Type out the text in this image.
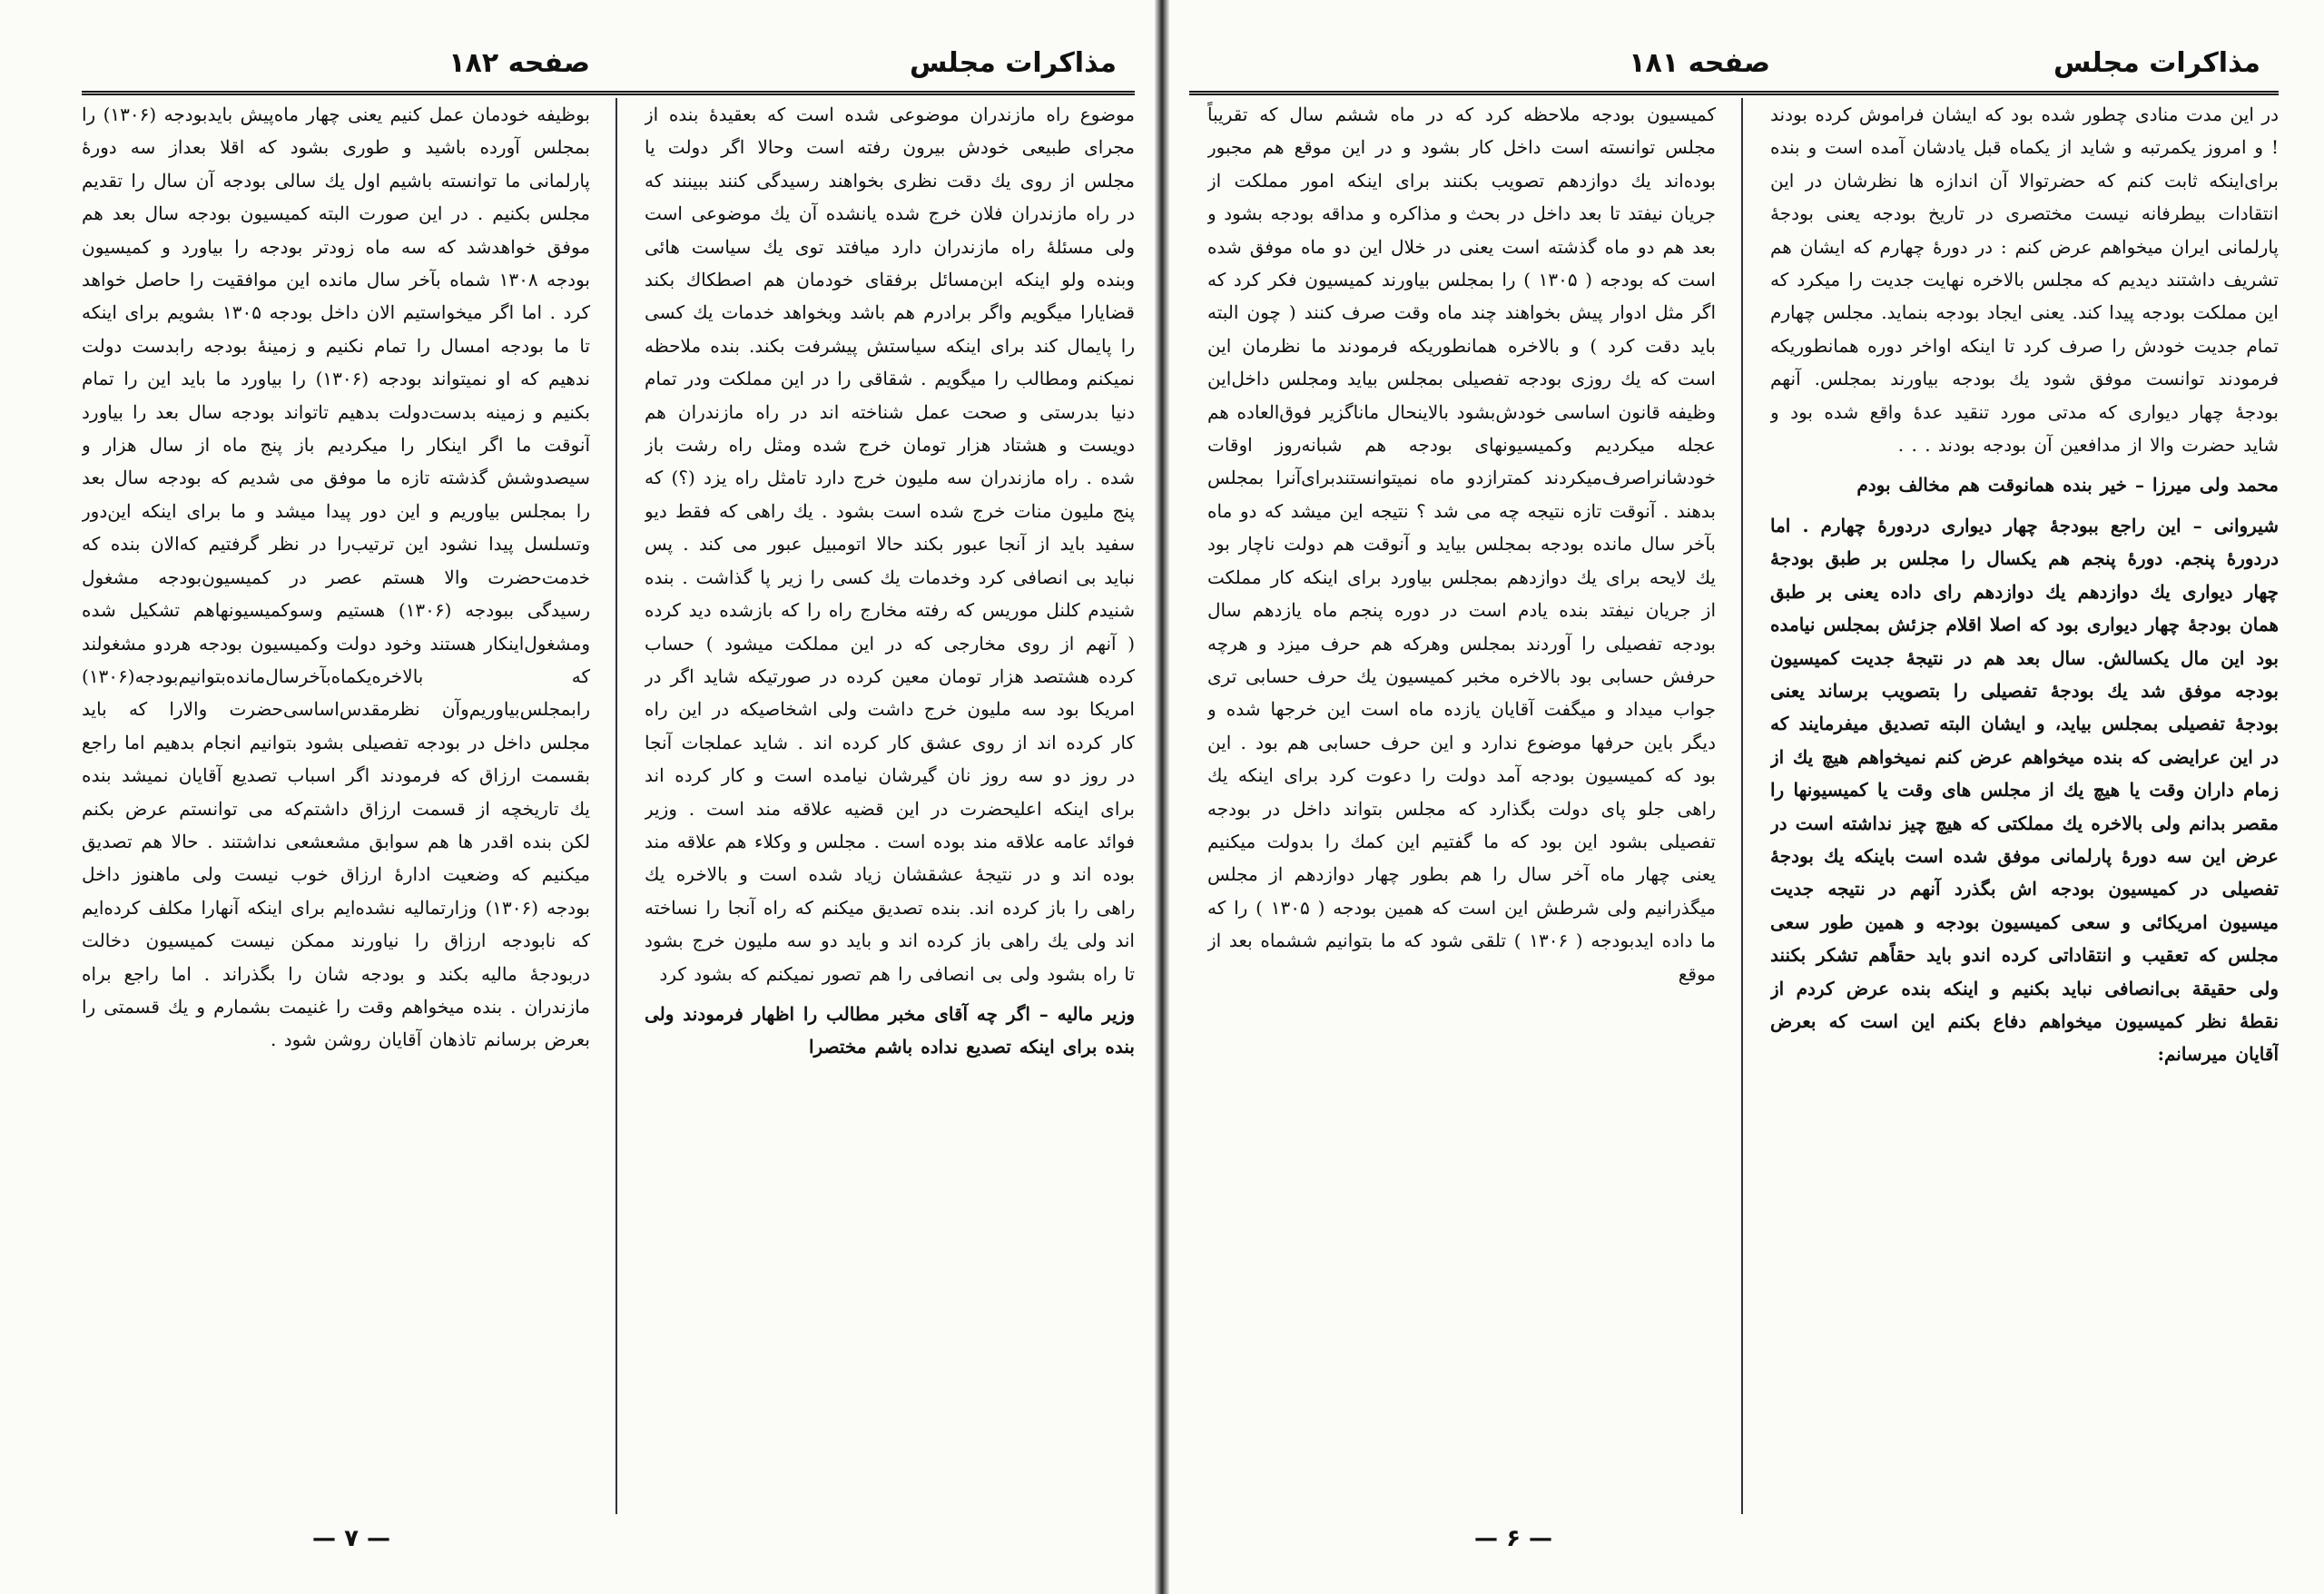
مذاکرات مجلس
صفحه ۱۸۲

موضوع راه مازندران موضوعی شده است که بعقیدهٔ بنده از مجرای طبیعی خودش بیرون رفته است وحالا اگر دولت یا مجلس از روی یك دقت نظری بخواهند رسیدگی کنند ببینند که در راه مازندران فلان خرج شده یانشده آن یك موضوعی است ولی مسئلهٔ راه مازندران دارد میافتد توی یك سیاست هائی وبنده ولو اینکه ابن‌مسائل برفقای خودمان هم اصطکاك بکند قضایارا میگویم واگر برادرم هم باشد وبخواهد خدمات یك کسی را پایمال کند برای اینکه سیاستش پیشرفت بکند. بنده ملاحظه نمیکنم ومطالب را میگویم . شقاقی را در این مملکت ودر تمام دنیا بدرستی و صحت عمل شناخته اند در راه مازندران هم دویست و هشتاد هزار تومان خرج شده ومثل راه رشت باز شده . راه مازندران سه ملیون خرج دارد تامثل راه یزد (؟) که پنج ملیون منات خرج شده است بشود . یك راهی که فقط دیو سفید باید از آنجا عبور بکند حالا اتومبیل عبور می کند . پس نباید بی انصافی کرد وخدمات یك کسی را زیر پا گذاشت . بنده شنیدم کلنل موریس که رفته مخارج راه را که بازشده دید کرده ( آنهم از روی مخارجی که در این مملکت میشود ) حساب کرده هشتصد هزار تومان معین کرده در صورتیکه شاید اگر در امریکا بود سه ملیون خرج داشت ولی اشخاصیکه در این راه کار کرده اند از روی عشق کار کرده اند . شاید عملجات آنجا در روز دو سه روز نان گیرشان نیامده است و کار کرده اند برای اینکه اعلیحضرت در این قضیه علاقه مند است . وزیر فوائد عامه علاقه مند بوده است . مجلس و وکلاء هم علاقه مند بوده اند و در نتیجهٔ عشقشان زیاد شده است و بالاخره یك راهی را باز کرده اند. بنده تصدیق میکنم که راه آنجا را نساخته اند ولی یك راهی باز کرده اند و باید دو سه ملیون خرج بشود تا راه بشود ولی بی انصافی را هم تصور نمیکنم که بشود کرد

وزیر مالیه – اگر چه آقای مخبر مطالب را اظهار فرمودند ولی بنده برای اینکه تصدیع نداده باشم مختصرا

بوظیفه خودمان عمل کنیم یعنی چهار ماه‌پیش بایدبودجه (۱۳۰۶) را بمجلس آورده باشید و طوری بشود که اقلا بعداز سه دورهٔ پارلمانی ما توانسته باشیم اول یك سالی بودجه آن سال را تقدیم مجلس بکنیم . در این صورت البته کمیسیون بودجه سال بعد هم موفق خواهدشد که سه ماه زودتر بودجه را بیاورد و کمیسیون بودجه ۱۳۰۸ شماه بآخر سال مانده این موافقیت را حاصل خواهد کرد . اما اگر میخواستیم الان داخل بودجه ۱۳۰۵ بشویم برای اینکه تا ما بودجه امسال را تمام نکنیم و زمینهٔ بودجه رابدست دولت ندهیم که او نمیتواند بودجه (۱۳۰۶) را بیاورد ما باید این را تمام بکنیم و زمینه بدست‌دولت بدهیم تاتواند بودجه سال بعد را بیاورد آنوقت ما اگر اینکار را میکردیم باز پنج ماه از سال هزار و سیصدوشش گذشته تازه ما موفق می شدیم که بودجه سال بعد را بمجلس بیاوریم و این دور پیدا میشد و ما برای اینکه این‌دور وتسلسل پیدا نشود این ترتیب‌را در نظر گرفتیم که‌الان بنده که خدمت‌حضرت والا هستم عصر در کمیسیون‌بودجه مشغول رسیدگی ببودجه (۱۳۰۶) هستیم وسوکمیسیونهاهم تشکیل شده ومشغول‌اینکار هستند وخود دولت وکمیسیون بودجه هردو مشغولند که بالاخره‌یکماه‌بآخرسال‌مانده‌بتوانیم‌بودجه(۱۳۰۶) رابمجلس‌بیاوریم‌وآن نظرمقدس‌اساسی‌حضرت والارا که باید مجلس داخل در بودجه تفصیلی بشود بتوانیم انجام بدهیم اما راجع بقسمت ارزاق که فرمودند اگر اسباب تصدیع آقایان نمیشد بنده یك تاریخچه از قسمت ارزاق داشتم‌که می توانستم عرض بکنم لکن بنده اقدر ها هم سوابق مشعشعی نداشتند . حالا هم تصدیق میکنیم که وضعیت ادارهٔ ارزاق خوب نیست ولی ماهنوز داخل بودجه (۱۳۰۶) وزارتمالیه نشده‌ایم برای اینکه آنهارا مکلف کرده‌ایم که نابودجه ارزاق را نیاورند ممکن نیست کمیسیون دخالت دربودجهٔ مالیه بکند و بودجه شان را بگذراند . اما راجع براه مازندران . بنده میخواهم وقت را غنیمت بشمارم و یك قسمتی را بعرض برسانم تاذهان آقایان روشن شود .

— ۷ —
مذاکرات مجلس
صفحه ۱۸۱

در این مدت منادی چطور شده بود که ایشان فراموش کرده بودند ! و امروز یکمرتبه و شاید از یکماه قبل یادشان آمده است و بنده برای‌اینکه ثابت کنم که حضرتوالا آن اندازه ها نظرشان در این انتقادات بیطرفانه نیست مختصری در تاریخ بودجه یعنی بودجهٔ پارلمانی ایران میخواهم عرض کنم : در دورهٔ چهارم که ایشان هم تشریف داشتند دیدیم که مجلس بالاخره نهایت جدیت را میکرد که این مملکت بودجه پیدا کند. یعنی ایجاد بودجه بنماید. مجلس چهارم تمام جدیت خودش را صرف کرد تا اینکه اواخر دوره همانطوریکه فرمودند توانست موفق شود یك بودجه بیاورند بمجلس. آنهم بودجهٔ چهار دیواری که مدتی مورد تنقید عدهٔ واقع شده بود و شاید حضرت والا از مدافعین آن بودجه بودند . . .

محمد ولی میرزا – خیر بنده همانوقت هم مخالف بودم

شیروانی – این راجع ببودجهٔ چهار دیواری دردورهٔ چهارم . اما دردورهٔ پنجم. دورهٔ پنجم هم یکسال را مجلس بر طبق بودجهٔ چهار دیواری یك دوازدهم یك دوازدهم رای داده یعنی بر طبق همان بودجهٔ چهار دیواری بود که اصلا اقلام جزئش بمجلس نیامده بود این مال یکسالش. سال بعد هم در نتیجهٔ جدیت کمیسیون بودجه موفق شد یك بودجهٔ تفصیلی را بتصویب برساند یعنی بودجهٔ تفصیلی بمجلس بیاید، و ایشان البته تصدیق میفرمایند که در این عرایضی که بنده میخواهم عرض کنم نمیخواهم هیچ یك از زمام داران وقت یا هیچ یك از مجلس های وقت یا کمیسیونها را مقصر بدانم ولی بالاخره یك مملکتی که هیچ چیز نداشته است در عرض این سه دورهٔ پارلمانی موفق شده است باینکه یك بودجهٔ تفصیلی در کمیسیون بودجه اش بگذرد آنهم در نتیجه جدیت میسیون امریکائی و سعی کمیسیون بودجه و همین طور سعی مجلس که تعقیب و انتقاداتی کرده اندو باید حقاًهم تشکر بکنند ولی حقیقة بی‌انصافی نباید بکنیم و اینکه بنده عرض کردم از نقطهٔ نظر کمیسیون میخواهم دفاع بکنم این است که بعرض آقایان میرسانم:

کمیسیون بودجه ملاحظه کرد که در ماه ششم سال که تقریباً مجلس توانسته است داخل کار بشود و در این موقع هم مجبور بوده‌اند یك دوازدهم تصویب بکنند برای اینکه امور مملکت از جریان نیفتد تا بعد داخل در بحث و مذاکره و مداقه بودجه بشود و بعد هم دو ماه گذشته است یعنی در خلال این دو ماه موفق شده است که بودجه ( ۱۳۰۵ ) را بمجلس بیاورند کمیسیون فکر کرد که اگر مثل ادوار پیش بخواهند چند ماه وقت صرف کنند ( چون البته باید دقت کرد ) و بالاخره همانطوریکه فرمودند ما نظرمان این است که یك روزی بودجه تفصیلی بمجلس بیاید ومجلس داخل‌این وظیفه قانون اساسی خودش‌بشود بالاینحال ماناگزیر فوق‌العاده هم عجله میکردیم وکمیسیونهای بودجه هم شبانه‌روز اوقات خودشانراصرف‌میکردند کمترازدو ماه نمیتوانستندبرای‌آنرا بمجلس بدهند . آنوقت تازه نتیجه چه می شد ؟ نتیجه این میشد که دو ماه بآخر سال مانده بودجه بمجلس بیاید و آنوقت هم دولت ناچار بود یك لایحه برای یك دوازدهم بمجلس بیاورد برای اینکه کار مملکت از جریان نیفتد بنده یادم است در دوره پنجم ماه یازدهم سال بودجه تفصیلی را آوردند بمجلس وهرکه هم حرف میزد و هرچه حرفش حسابی بود بالاخره مخبر کمیسیون یك حرف حسابی تری جواب میداد و میگفت آقایان یازده ماه است این خرجها شده و دیگر باین حرفها موضوع ندارد و این حرف حسابی هم بود . این بود که کمیسیون بودجه آمد دولت را دعوت کرد برای اینکه یك راهی جلو پای دولت بگذارد که مجلس بتواند داخل در بودجه تفصیلی بشود این بود که ما گفتیم این کمك را بدولت میکنیم یعنی چهار ماه آخر سال را هم بطور چهار دوازدهم از مجلس میگذرانیم ولی شرطش این است که همین بودجه ( ۱۳۰۵ ) را که ما داده ایدبودجه ( ۱۳۰۶ ) تلقی شود که ما بتوانیم ششماه بعد از موقع

— ۶ —
